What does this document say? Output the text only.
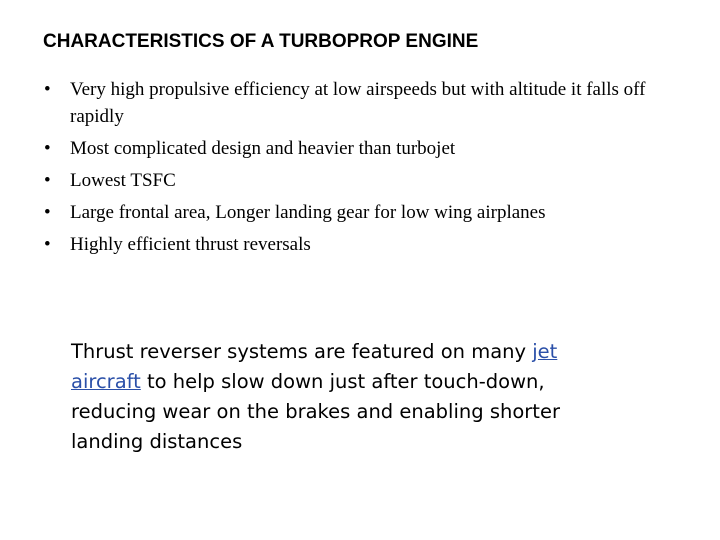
CHARACTERISTICS OF A TURBOPROP ENGINE
• Very high propulsive efficiency at low airspeeds but with altitude it falls off rapidly
• Most complicated design and heavier than turbojet
• Lowest TSFC
• Large frontal area, Longer landing gear for low wing airplanes
• Highly efficient thrust reversals

Thrust reverser systems are featured on many jet aircraft to help slow down just after touch-down, reducing wear on the brakes and enabling shorter landing distances
